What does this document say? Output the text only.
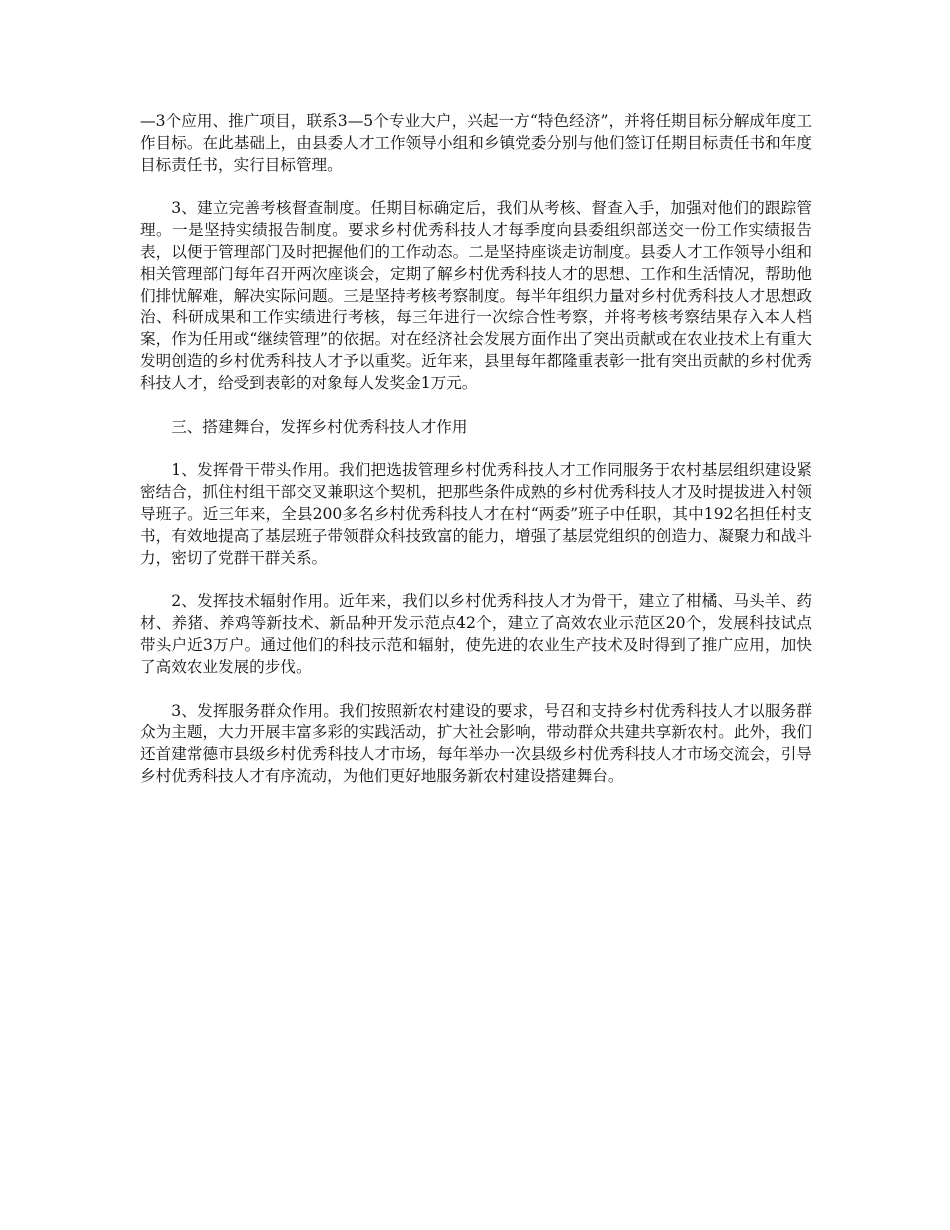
—3个应用、推广项目，联系3—5个专业大户，兴起一方“特色经济”，并将任期目标分解成年度工作目标。在此基础上，由县委人才工作领导小组和乡镇党委分别与他们签订任期目标责任书和年度目标责任书，实行目标管理。

3、建立完善考核督查制度。任期目标确定后，我们从考核、督查入手，加强对他们的跟踪管理。一是坚持实绩报告制度。要求乡村优秀科技人才每季度向县委组织部送交一份工作实绩报告表，以便于管理部门及时把握他们的工作动态。二是坚持座谈走访制度。县委人才工作领导小组和相关管理部门每年召开两次座谈会，定期了解乡村优秀科技人才的思想、工作和生活情况，帮助他们排忧解难，解决实际问题。三是坚持考核考察制度。每半年组织力量对乡村优秀科技人才思想政治、科研成果和工作实绩进行考核，每三年进行一次综合性考察，并将考核考察结果存入本人档案，作为任用或“继续管理”的依据。对在经济社会发展方面作出了突出贡献或在农业技术上有重大发明创造的乡村优秀科技人才予以重奖。近年来，县里每年都隆重表彰一批有突出贡献的乡村优秀科技人才，给受到表彰的对象每人发奖金1万元。

三、搭建舞台，发挥乡村优秀科技人才作用

1、发挥骨干带头作用。我们把选拔管理乡村优秀科技人才工作同服务于农村基层组织建设紧密结合，抓住村组干部交叉兼职这个契机，把那些条件成熟的乡村优秀科技人才及时提拔进入村领导班子。近三年来，全县200多名乡村优秀科技人才在村“两委”班子中任职，其中192名担任村支书，有效地提高了基层班子带领群众科技致富的能力，增强了基层党组织的创造力、凝聚力和战斗力，密切了党群干群关系。

2、发挥技术辐射作用。近年来，我们以乡村优秀科技人才为骨干，建立了柑橘、马头羊、药材、养猪、养鸡等新技术、新品种开发示范点42个，建立了高效农业示范区20个，发展科技试点带头户近3万户。通过他们的科技示范和辐射，使先进的农业生产技术及时得到了推广应用，加快了高效农业发展的步伐。

3、发挥服务群众作用。我们按照新农村建设的要求，号召和支持乡村优秀科技人才以服务群众为主题，大力开展丰富多彩的实践活动，扩大社会影响，带动群众共建共享新农村。此外，我们还首建常德市县级乡村优秀科技人才市场，每年举办一次县级乡村优秀科技人才市场交流会，引导乡村优秀科技人才有序流动，为他们更好地服务新农村建设搭建舞台。
